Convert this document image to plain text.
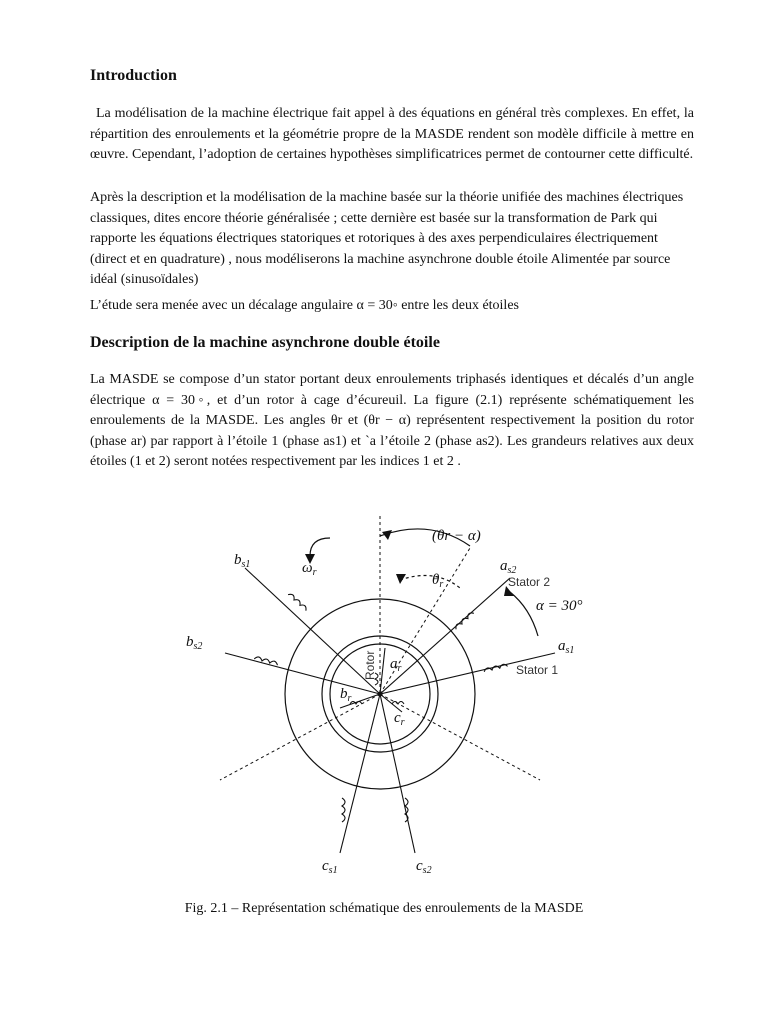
Introduction

La modélisation de la machine électrique fait appel à des équations en général très complexes. En effet, la répartition des enroulements et la géométrie propre de la MASDE rendent son modèle difficile à mettre en œuvre. Cependant, l’adoption de certaines hypothèses simplificatrices permet de contourner cette difficulté.

Après la description et la modélisation de la machine basée sur la théorie unifiée des machines électriques classiques, dites encore théorie généralisée ; cette dernière est basée sur la transformation de Park qui rapporte les équations électriques statoriques et rotoriques à des axes perpendiculaires électriquement (direct et en quadrature) , nous modéliserons la machine asynchrone double étoile Alimentée par source idéal (sinusoïdales)

L’étude sera menée avec un décalage angulaire α = 30◦ entre les deux étoiles

Description de la machine asynchrone double étoile

La MASDE se compose d’un stator portant deux enroulements triphasés identiques et décalés d’un angle électrique α = 30◦, et d’un rotor à cage d’écureuil. La figure (2.1) représente schématiquement les enroulements de la MASDE. Les angles θr et (θr − α) représentent respectivement la position du rotor (phase ar) par rapport à l’étoile 1 (phase as1) et `a l’étoile 2 (phase as2). Les grandeurs relatives aux deux étoiles (1 et 2) seront notées respectivement par les indices 1 et 2 .

$b_{s1}$
$b_{s2}$
$\omega_r$
(θr − α)
$\theta_r$
$a_{s2}$
Stator 2
α = 30°
$a_{s1}$
Stator 1
Rotor $a_r$
$b_r$
$c_r$
$c_{s1}$	$c_{s2}$
Fig. 2.1 – Représentation schématique des enroulements de la MASDE
